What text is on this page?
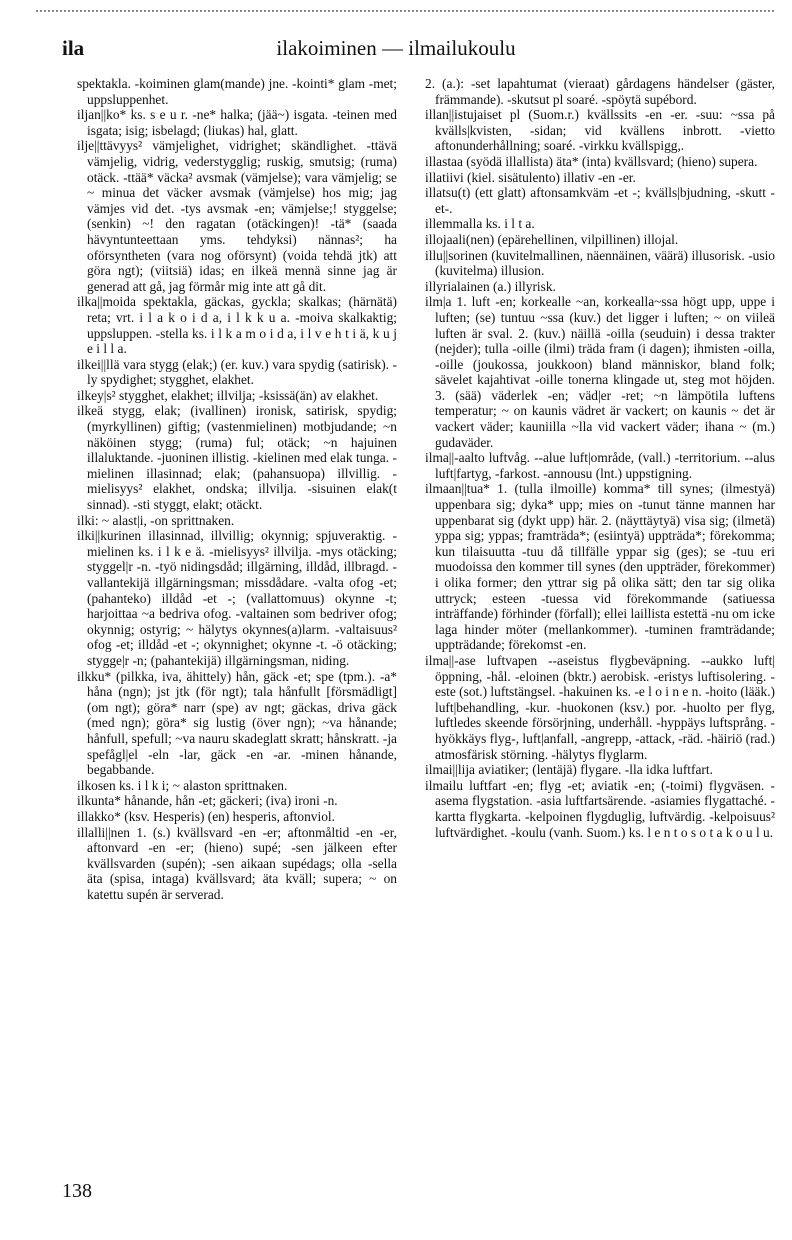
ila	ilakoiminen — ilmailukoulu

spektakla. -koiminen glam(mande) jne. -kointi* glam -met; uppsluppenhet.

iljan||ko* ks. s e u r. -ne* halka; (jää~) isgata. -teinen med isgata; isig; isbelagd; (liukas) hal, glatt.

ilje||ttävyys² vämjelighet, vidrighet; skändlighet. -ttävä vämjelig, vidrig, vederstygglig; ruskig, smutsig; (ruma) otäck. -ttää* väcka² avsmak (vämjelse); vara vämjelig; se ~ minua det väcker avsmak (vämjelse) hos mig; jag vämjes vid det. -tys avsmak -en; vämjelse;! styggelse; (senkin) ~! den ragatan (otäckingen)! -tä* (saada hävyntunteettaan yms. tehdyksi) nännas²; ha oförsyntheten (vara nog oförsynt) (voida tehdä jtk) att göra ngt); (viitsiä) idas; en ilkeä mennä sinne jag är generad att gå, jag förmår mig inte att gå dit.

ilka||moida spektakla, gäckas, gyckla; skalkas; (härnätä) reta; vrt. i l a k o i d a, i l k k u a. -moiva skalkaktig; uppsluppen. -stella ks. i l k a m o i d a, i l v e h t i ä, k u j e i l l a.

ilkei||llä vara stygg (elak;) (er. kuv.) vara spydig (satirisk). -ly spydighet; stygghet, elakhet.

ilkey|s² stygghet, elakhet; illvilja; -ksissä(än) av elakhet.

ilkeä stygg, elak; (ivallinen) ironisk, satirisk, spydig; (myrkyllinen) giftig; (vastenmielinen) motbjudande; ~n näköinen stygg; (ruma) ful; otäck; ~n hajuinen illaluktande. -juoninen illistig. -kielinen med elak tunga. -mielinen illasinnad; elak; (pahansuopa) illvillig. -mielisyys² elakhet, ondska; illvilja. -sisuinen elak(t sinnad). -sti styggt, elakt; otäckt.

ilki: ~ alast|i, -on sprittnaken.

ilki||kurinen illasinnad, illvillig; okynnig; spjuveraktig. -mielinen ks. i l k e ä. -mielisyys² illvilja. -mys otäcking; styggel|r -n. -työ nidingsdåd; illgärning, illdåd, illbragd. -vallantekijä illgärningsman; missdådare. -valta ofog -et; (pahanteko) illdåd -et -; (vallattomuus) okynne -t; harjoittaa ~a bedriva ofog. -valtainen som bedriver ofog; okynnig; ostyrig; ~ hälytys okynnes(a)larm. -valtaisuus² ofog -et; illdåd -et -; okynnighet; okynne -t. -ö otäcking; stygge|r -n; (pahantekijä) illgärningsman, niding.

ilkku* (pilkka, iva, ähittely) hån, gäck -et; spe (tpm.). -a* håna (ngn); jst jtk (för ngt); tala hånfullt [försmädligt] (om ngt); göra* narr (spe) av ngt; gäckas, driva gäck (med ngn); göra* sig lustig (över ngn); ~va hånande; hånfull, spefull; ~va nauru skadeglatt skratt; hånskratt. -ja spefågl|el -eln -lar, gäck -en -ar. -minen hånande, begabbande.

ilkosen ks. i l k i; ~ alaston sprittnaken.

ilkunta* hånande, hån -et; gäckeri; (iva) ironi -n.

illakko* (ksv. Hesperis) (en) hesperis, aftonviol.

illalli||nen 1. (s.) kvällsvard -en -er; aftonmåltid -en -er, aftonvard -en -er; (hieno) supé; -sen jälkeen efter kvällsvarden (supén); -sen aikaan supédags; olla -sella äta (spisa, intaga) kvällsvard; äta kväll; supera; ~ on katettu supén är serverad.

2. (a.): -set lapahtumat (vieraat) gårdagens händelser (gäster, främmande). -skutsut pl soaré. -spöytä supébord.

illan||istujaiset pl (Suom.r.) kvällssits -en -er. -suu: ~ssa på kvälls|kvisten, -sidan; vid kvällens inbrott. -vietto aftonunderhållning; soaré. -virkku kvällspigg,.

illastaa (syödä illallista) äta* (inta) kvällsvard; (hieno) supera.

illatiivi (kiel. sisätulento) illativ -en -er.

illatsu(t) (ett glatt) aftonsamkväm -et -; kvälls|bjudning, -skutt -et-.

illemmalla ks. i l t a.

illojaali(nen) (epärehellinen, vilpillinen) illojal.

illu||sorinen (kuvitelmallinen, näennäinen, väärä) illusorisk. -usio (kuvitelma) illusion.

illyrialainen (a.) illyrisk.

ilm|a 1. luft -en; korkealle ~an, korkealla~ssa högt upp, uppe i luften; (se) tuntuu ~ssa (kuv.) det ligger i luften; ~ on viileä luften är sval. 2. (kuv.) näillä -oilla (seuduin) i dessa trakter (nejder); tulla -oille (ilmi) träda fram (i dagen); ihmisten -oilla, -oille (joukossa, joukkoon) bland människor, bland folk; sävelet kajahtivat -oille tonerna klingade ut, steg mot höjden. 3. (sää) väderlek -en; väd|er -ret; ~n lämpötila luftens temperatur; ~ on kaunis vädret är vackert; on kaunis ~ det är vackert väder; kauniilla ~lla vid vackert väder; ihana ~ (m.) gudaväder.

ilma||-aalto luftvåg. --alue luft|område, (vall.) -territorium. --alus luft|fartyg, -farkost. -annousu (lnt.) uppstigning.

ilmaan||tua* 1. (tulla ilmoille) komma* till synes; (ilmestyä) uppenbara sig; dyka* upp; mies on -tunut tänne mannen har uppenbarat sig (dykt upp) här. 2. (näyttäytyä) visa sig; (ilmetä) yppa sig; yppas; framträda*; (esiintyä) uppträda*; förekomma; kun tilaisuutta -tuu då tillfälle yppar sig (ges); se -tuu eri muodoissa den kommer till synes (den uppträder, förekommer) i olika former; den yttrar sig på olika sätt; den tar sig olika uttryck; esteen -tuessa vid förekommande (satiuessa inträffande) förhinder (förfall); ellei laillista estettä -nu om icke laga hinder möter (mellankommer). -tuminen framträdande; uppträdande; förekomst -en.

ilma||-ase luftvapen --aseistus flygbeväpning. --aukko luft|öppning, -hål. -eloinen (bktr.) aerobisk. -eristys luftisolering. -este (sot.) luftstängsel. -hakuinen ks. -e l o i n e n. -hoito (lääk.) luft|behandling, -kur. -huokonen (ksv.) por. -huolto per flyg, luftledes skeende försörjning, underhåll. -hyppäys luftsprång. -hyökkäys flyg-, luft|anfall, -angrepp, -attack, -räd. -häiriö (rad.) atmosfärisk störning. -hälytys flyglarm.

ilmai||lija aviatiker; (lentäjä) flygare. -lla idka luftfart.

ilmailu luftfart -en; flyg -et; aviatik -en; (-toimi) flygväsen. -asema flygstation. -asia luftfartsärende. -asiamies flygattaché. -kartta flygkarta. -kelpoinen flygduglig, luftvärdig. -kelpoisuus² luftvärdighet. -koulu (vanh. Suom.) ks. l e n t o s o t a k o u l u.

138
